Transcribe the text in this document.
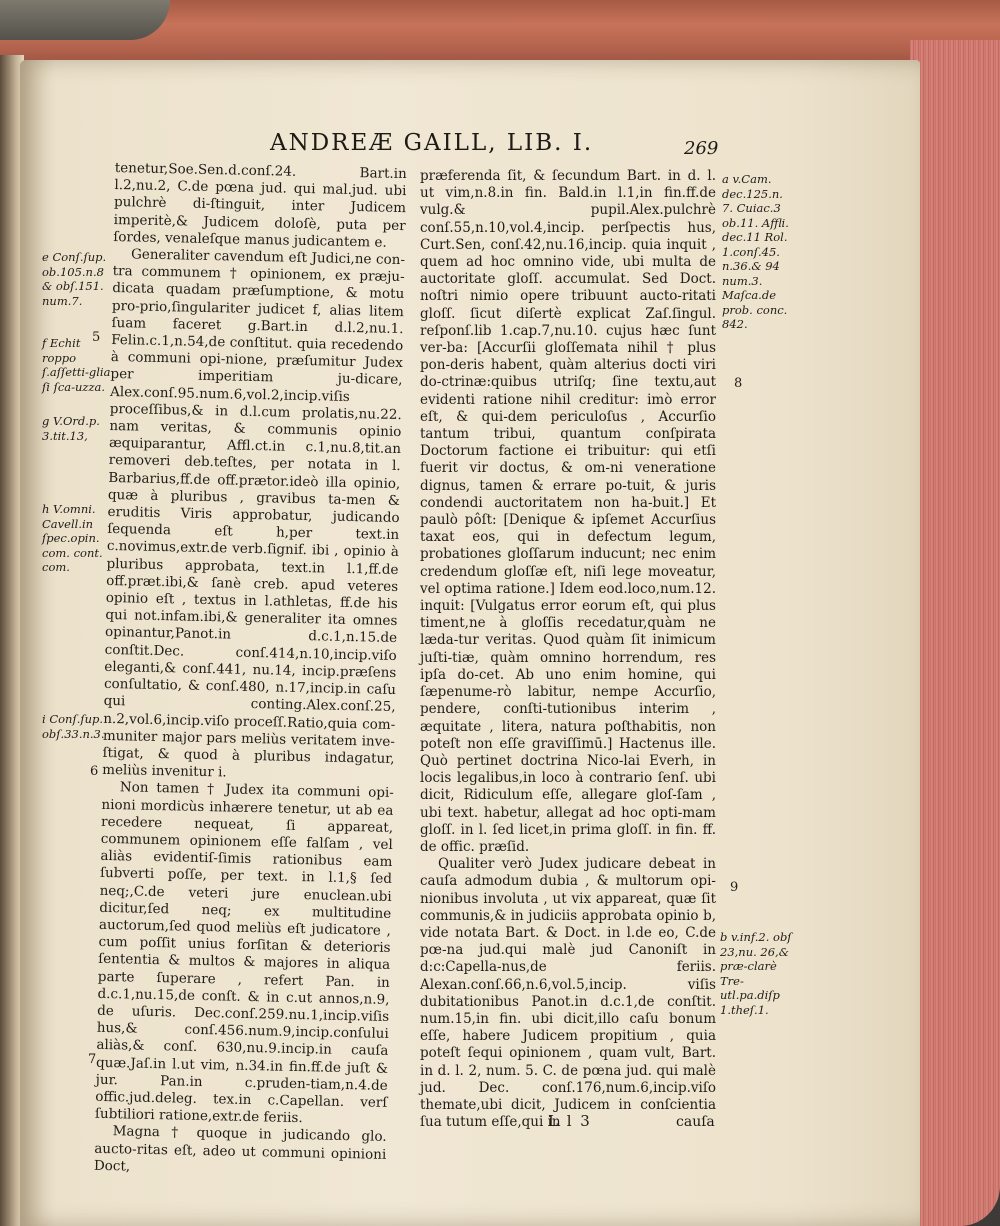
ANDREÆ GAILL, LIB. I.	269

tenetur,Soe.Sen.d.conſ.24. Bart.in l.2,nu.2, C.de pœna jud. qui mal.jud. ubi pulchrè di-ſtinguit, inter Judicem imperitè,& Judicem doloſè, puta per ſordes, venaleſque manus judicantem e.

Generaliter cavendum eſt Judici,ne con-tra communem † opinionem, ex præju-dicata quadam præſumptione, & motu pro-prio,ſingulariter judicet f, alias litem ſuam faceret g.Bart.in d.l.2,nu.1. Felin.c.1,n.54,de conſtitut. quia recedendo à communi opi-nione, præſumitur Judex per imperitiam ju-dicare, Alex.conſ.95.num.6,vol.2,incip.viſis proceſſibus,& in d.l.cum prolatis,nu.22. nam veritas, & communis opinio æquiparantur, Affl.ct.in c.1,nu.8,tit.an removeri deb.teſtes, per notata in l. Barbarius,ff.de off.prætor.ideò illa opinio, quæ à pluribus , gravibus ta-men & eruditis Viris approbatur, judicando ſequenda eſt h,per text.in c.novimus,extr.de verb.ſignif. ibi , opinio à pluribus approbata, text.in l.1,ff.de off.præt.ibi,& ſanè creb. apud veteres opinio eſt , textus in l.athletas, ff.de his qui not.infam.ibi,& generaliter ita omnes opinantur,Panot.in d.c.1,n.15.de conſtit.Dec. conſ.414,n.10,incip.viſo eleganti,& conſ.441, nu.14, incip.præſens conſultatio, & conſ.480, n.17,incip.in caſu qui conting.Alex.conſ.25, n.2,vol.6,incip.viſo proceſſ.Ratio,quia com-muniter major pars meliùs veritatem inve-ſtigat, & quod à pluribus indagatur, meliùs invenitur i.

Non tamen † Judex ita communi opi-nioni mordicùs inhærere tenetur, ut ab ea recedere nequeat, ſi appareat, communem opinionem eſſe falſam , vel aliàs evidentiſ-ſimis rationibus eam ſubverti poſſe, per text. in l.1,§ ſed neq;,C.de veteri jure enuclean.ubi dicitur,ſed neq; ex multitudine auctorum,ſed quod meliùs eſt judicatore , cum poſſit unius forſitan & deterioris ſententia & multos & majores in aliqua parte ſuperare , refert Pan. in d.c.1,nu.15,de conſt. & in c.ut annos,n.9, de uſuris. Dec.conſ.259.nu.1,incip.viſis hus,& conſ.456.num.9,incip.conſului aliàs,& conſ. 630,nu.9.incip.in cauſa quæ.Jaſ.in l.ut vim, n.34.in fin.ff.de juſt & jur. Pan.in c.pruden-tiam,n.4.de offic.jud.deleg. tex.in c.Capellan. verſ ſubtiliori ratione,extr.de feriis.

Magna † quoque in judicando glo. aucto-ritas eſt, adeo ut communi opinioni Doct,

præferenda ſit, & ſecundum Bart. in d. l. ut vim,n.8.in fin. Bald.in l.1,in fin.ff.de vulg.& pupil.Alex.pulchrè conſ.55,n.10,vol.4,incip. perſpectis hus, Curt.Sen, conſ.42,nu.16,incip. quia inquit , quem ad hoc omnino vide, ubi multa de auctoritate gloſſ. accumulat. Sed Doct. noſtri nimio opere tribuunt aucto-ritati gloſſ. ſicut diſertè explicat Zaſ.ſingul. reſponſ.lib 1.cap.7,nu.10. cujus hæc ſunt ver-ba: [Accurſii gloſſemata nihil † plus pon-deris habent, quàm alterius docti viri do-ctrinæ:quibus utriſq; ſine textu,aut evidenti ratione nihil creditur: imò error eſt, & qui-dem periculoſus , Accurſio tantum tribui, quantum conſpirata Doctorum factione ei tribuitur: qui etſi fuerit vir doctus, & om-ni veneratione dignus, tamen & errare po-tuit, & juris condendi auctoritatem non ha-buit.] Et paulò pôſt: [Denique & ipſemet Accurſius taxat eos, qui in defectum legum, probationes gloſſarum inducunt; nec enim credendum gloſſæ eſt, niſi lege moveatur, vel optima ratione.] Idem eod.loco,num.12. inquit: [Vulgatus error eorum eſt, qui plus timent,ne à gloſſis recedatur,quàm ne læda-tur veritas. Quod quàm ſit inimicum juſti-tiæ, quàm omnino horrendum, res ipſa do-cet. Ab uno enim homine, qui ſæpenume-rò labitur, nempe Accurſio, pendere, conſti-tutionibus interim , æquitate , litera, natura poſthabitis, non poteſt non eſſe graviſſimū.] Hactenus ille. Quò pertinet doctrina Nico-lai Everh, in locis legalibus,in loco à contrario ſenſ. ubi dicit, Ridiculum eſſe, allegare gloſ-ſam , ubi text. habetur, allegat ad hoc opti-mam gloſſ. in l. ſed licet,in prima gloſſ. in fin. ff. de offic. præſid.

Qualiter verò Judex judicare debeat in cauſa admodum dubia , & multorum opi-nionibus involuta , ut vix appareat, quæ ſit communis,& in judiciis approbata opinio b, vide notata Bart. & Doct. in l.de eo, C.de pœ-na jud.qui malè jud Canoniſt in d:c:Capella-nus,de feriis. Alexan.conſ.66,n.6,vol.5,incip. viſis dubitationibus Panot.in d.c.1,de conſtit. num.15,in fin. ubi dicit,illo caſu bonum eſſe, habere Judicem propitium , quia poteſt ſequi opinionem , quam vult, Bart. in d. l. 2, num. 5. C. de pœna jud. qui malè jud. Dec. conſ.176,num.6,incip.viſo themate,ubi dicit, Judicem in conſcientia ſua tutum eſſe,qui in

e Conſ.ſup. ob.105.n.8 & obſ.151. num.7.
f Echit roppo ſ.aſſetti-glia ſi ſca-uzza.
g V.Ord.p. 3.tit.13,
h V.omni. Cavell.in ſpec.opin. com. cont. com.
i Conſ.ſup. obſ.33.n.3.
a v.Cam. dec.125.n. 7. Cuiac.3 ob.11. Affli. dec.11 Rol. 1.conſ.45. n.36.& 94 num.3. Maſca.de prob. conc. 842.
b v.inf.2. obſ 23,nu. 26,& præ-clarè Tre-utl.pa.diſp 1.theſ.1.
5
6
7
8
9
L l 3	cauſa
